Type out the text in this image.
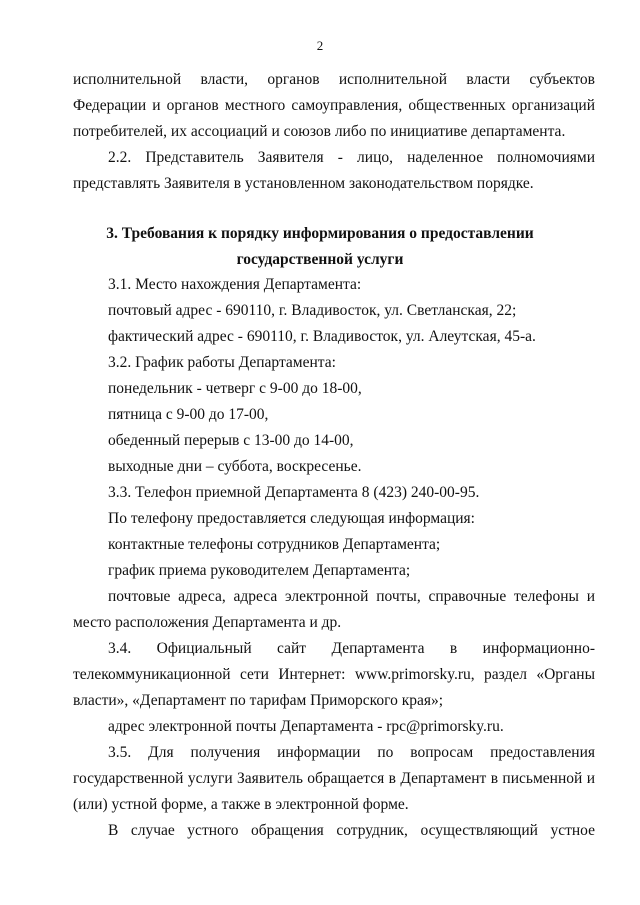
2
исполнительной власти, органов исполнительной власти субъектов
Федерации и органов местного самоуправления, общественных организаций
потребителей, их ассоциаций и союзов либо по инициативе департамента.
2.2. Представитель Заявителя - лицо, наделенное полномочиями
представлять Заявителя в установленном законодательством порядке.
3. Требования к порядку информирования о предоставлении
государственной услуги
3.1. Место нахождения Департамента:
почтовый адрес - 690110, г. Владивосток, ул. Светланская, 22;
фактический адрес - 690110, г. Владивосток, ул. Алеутская, 45-а.
3.2. График работы Департамента:
понедельник - четверг с 9-00 до 18-00,
пятница с 9-00 до 17-00,
обеденный перерыв с 13-00 до 14-00,
выходные дни – суббота, воскресенье.
3.3. Телефон приемной Департамента 8 (423) 240-00-95.
По телефону предоставляется следующая информация:
контактные телефоны сотрудников Департамента;
график приема руководителем Департамента;
почтовые адреса, адреса электронной почты, справочные телефоны и
место расположения Департамента и др.
3.4. Официальный сайт Департамента в информационно-
телекоммуникационной сети Интернет: www.primorsky.ru, раздел «Органы
власти», «Департамент по тарифам Приморского края»;
адрес электронной почты Департамента - rpc@primorsky.ru.
3.5. Для получения информации по вопросам предоставления
государственной услуги Заявитель обращается в Департамент в письменной и
(или) устной форме, а также в электронной форме.
В случае устного обращения сотрудник, осуществляющий устное
